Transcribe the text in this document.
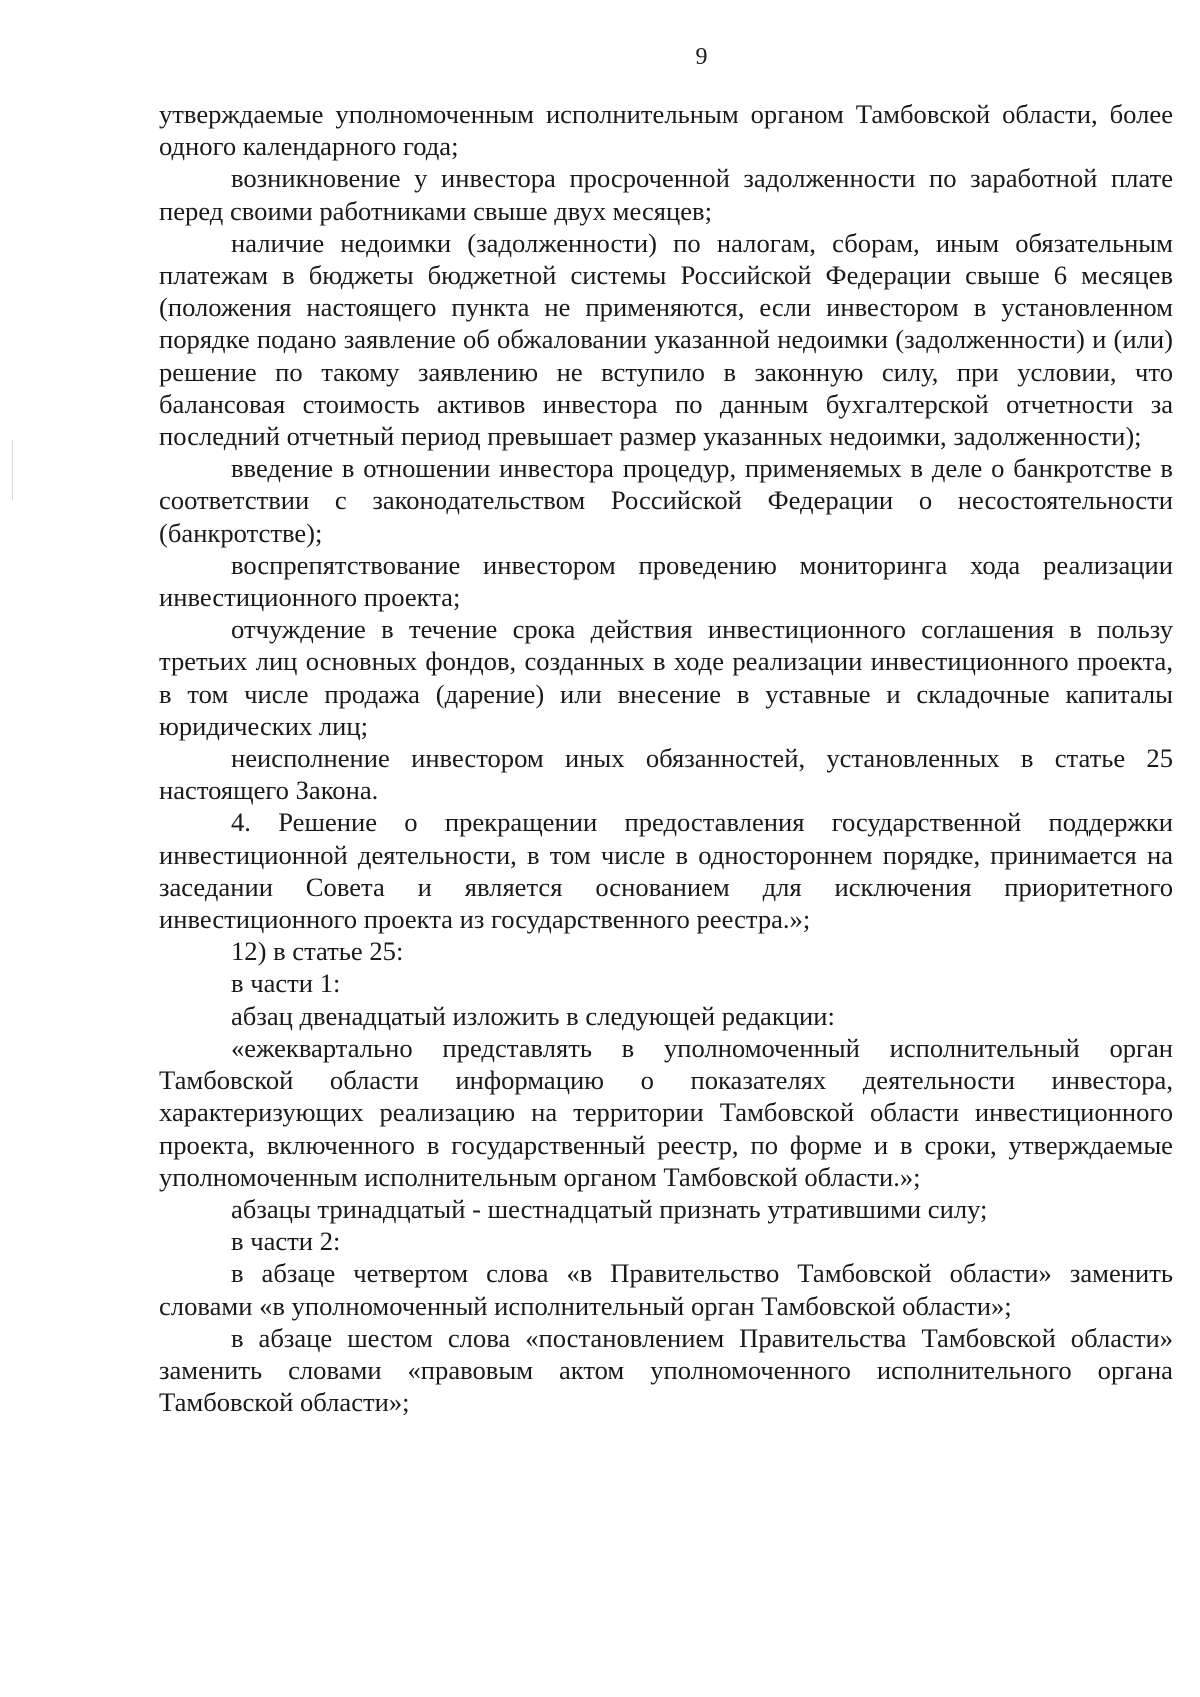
9

утверждаемые уполномоченным исполнительным органом Тамбовской области, более одного календарного года;

возникновение у инвестора просроченной задолженности по заработной плате перед своими работниками свыше двух месяцев;

наличие недоимки (задолженности) по налогам, сборам, иным обязательным платежам в бюджеты бюджетной системы Российской Федерации свыше 6 месяцев (положения настоящего пункта не применяются, если инвестором в установленном порядке подано заявление об обжаловании указанной недоимки (задолженности) и (или) решение по такому заявлению не вступило в законную силу, при условии, что балансовая стоимость активов инвестора по данным бухгалтерской отчетности за последний отчетный период превышает размер указанных недоимки, задолженности);

введение в отношении инвестора процедур, применяемых в деле о банкротстве в соответствии с законодательством Российской Федерации о несостоятельности (банкротстве);

воспрепятствование инвестором проведению мониторинга хода реализации инвестиционного проекта;

отчуждение в течение срока действия инвестиционного соглашения в пользу третьих лиц основных фондов, созданных в ходе реализации инвестиционного проекта, в том числе продажа (дарение) или внесение в уставные и складочные капиталы юридических лиц;

неисполнение инвестором иных обязанностей, установленных в статье 25 настоящего Закона.

4. Решение о прекращении предоставления государственной поддержки инвестиционной деятельности, в том числе в одностороннем порядке, принимается на заседании Совета и является основанием для исключения приоритетного инвестиционного проекта из государственного реестра.»;

12) в статье 25:

в части 1:

абзац двенадцатый изложить в следующей редакции:

«ежеквартально представлять в уполномоченный исполнительный орган Тамбовской области информацию о показателях деятельности инвестора, характеризующих реализацию на территории Тамбовской области инвестиционного проекта, включенного в государственный реестр, по форме и в сроки, утверждаемые уполномоченным исполнительным органом Тамбовской области.»;

абзацы тринадцатый - шестнадцатый признать утратившими силу;

в части 2:

в абзаце четвертом слова «в Правительство Тамбовской области» заменить словами «в уполномоченный исполнительный орган Тамбовской области»;

в абзаце шестом слова «постановлением Правительства Тамбовской области» заменить словами «правовым актом уполномоченного исполнительного органа Тамбовской области»;
